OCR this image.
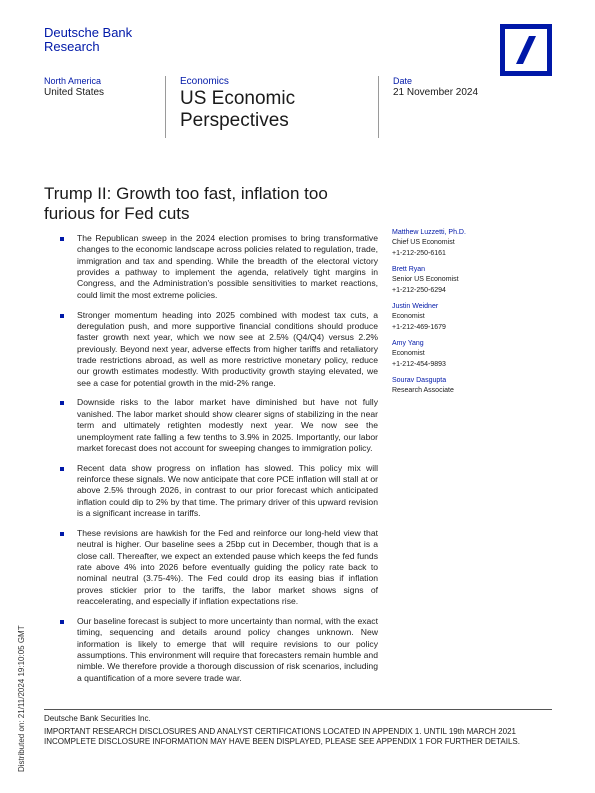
Deutsche Bank
Research
North America
United States
Economics
US Economic
Perspectives
Date
21 November 2024
Trump II: Growth too fast, inflation too
furious for Fed cuts
The Republican sweep in the 2024 election promises to bring transformative changes to the economic landscape across policies related to regulation, trade, immigration and tax and spending. While the breadth of the electoral victory provides a pathway to implement the agenda, relatively tight margins in Congress, and the Administration's possible sensitivities to market reactions, could limit the most extreme policies.
Stronger momentum heading into 2025 combined with modest tax cuts, a deregulation push, and more supportive financial conditions should produce faster growth next year, which we now see at 2.5% (Q4/Q4) versus 2.2% previously. Beyond next year, adverse effects from higher tariffs and retaliatory trade restrictions abroad, as well as more restrictive monetary policy, reduce our growth estimates modestly. With productivity growth staying elevated, we see a case for potential growth in the mid-2% range.
Downside risks to the labor market have diminished but have not fully vanished. The labor market should show clearer signs of stabilizing in the near term and ultimately retighten modestly next year. We now see the unemployment rate falling a few tenths to 3.9% in 2025. Importantly, our labor market forecast does not account for sweeping changes to immigration policy.
Recent data show progress on inflation has slowed. This policy mix will reinforce these signals. We now anticipate that core PCE inflation will stall at or above 2.5% through 2026, in contrast to our prior forecast which anticipated inflation could dip to 2% by that time. The primary driver of this upward revision is a significant increase in tariffs.
These revisions are hawkish for the Fed and reinforce our long-held view that neutral is higher. Our baseline sees a 25bp cut in December, though that is a close call. Thereafter, we expect an extended pause which keeps the fed funds rate above 4% into 2026 before eventually guiding the policy rate back to nominal neutral (3.75-4%). The Fed could drop its easing bias if inflation proves stickier prior to the tariffs, the labor market shows signs of reaccelerating, and especially if inflation expectations rise.
Our baseline forecast is subject to more uncertainty than normal, with the exact timing, sequencing and details around policy changes unknown. New information is likely to emerge that will require revisions to our policy assumptions. This environment will require that forecasters remain humble and nimble. We therefore provide a thorough discussion of risk scenarios, including a quantification of a more severe trade war.
Matthew Luzzetti, Ph.D.
Chief US Economist
+1-212-250-6161
Brett Ryan
Senior US Economist
+1-212-250-6294
Justin Weidner
Economist
+1-212-469-1679
Amy Yang
Economist
+1-212-454-9893
Sourav Dasgupta
Research Associate
Deutsche Bank Securities Inc.
IMPORTANT RESEARCH DISCLOSURES AND ANALYST CERTIFICATIONS LOCATED IN APPENDIX 1. UNTIL 19th MARCH 2021 INCOMPLETE DISCLOSURE INFORMATION MAY HAVE BEEN DISPLAYED, PLEASE SEE APPENDIX 1 FOR FURTHER DETAILS.
Distributed on: 21/11/2024 19:10:05 GMT
